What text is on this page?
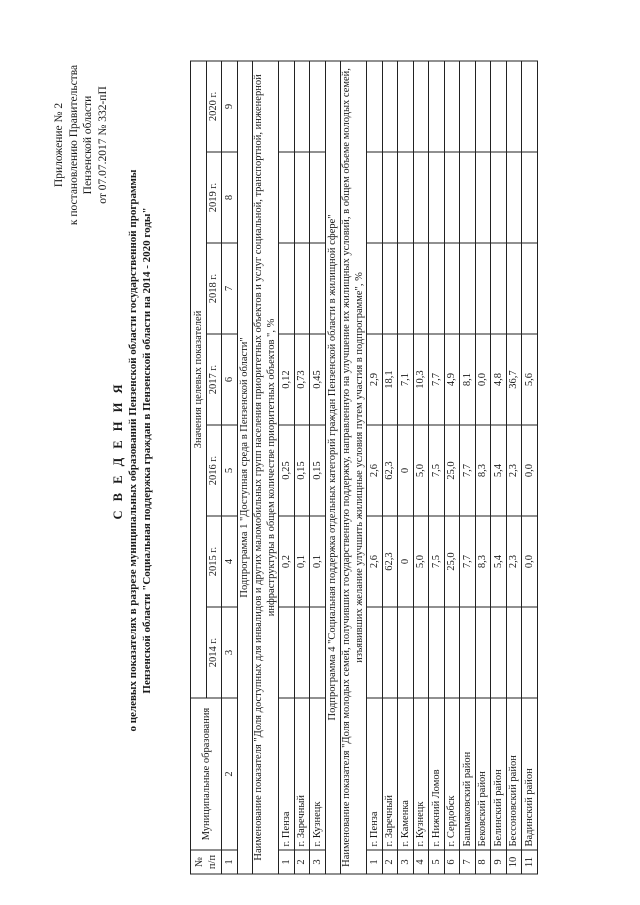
Приложение № 2 к постановлению Правительства Пензенской области от 07.07.2017 № 332-пП
С В Е Д Е Н И Я о целевых показателях в разрезе муниципальных образований Пензенской области государственной программы Пензенской области "Социальная поддержка граждан в Пензенской области на 2014 - 2020 годы"
№ п/п	Муниципальные образования	Значения целевых показателей						
		2014 г.	2015 г.	2016 г.	2017 г.	2018 г.	2019 г.	2020 г.
1	2	3	4	5	6	7	8	9
Подпрограмма 1 "Доступная среда в Пензенской области"								
Наименование показателя "Доля доступных для инвалидов и других маломобильных групп населения приоритетных объектов и услуг социальной, транспортной, инженерной инфраструктуры в общем количестве приоритетных объектов ", %								
1	г. Пенза		0,2	0,25	0,12			
2	г. Заречный		0,1	0,15	0,73			
3	г. Кузнецк		0,1	0,15	0,45			
Подпрограмма 4 "Социальная поддержка отдельных категорий граждан Пензенской области в жилищной сфере"								
Наименование показателя "Доля молодых семей, получивших государственную поддержку, направленную на улучшение их жилищных условий, в общем объеме молодых семей, изъявивших желание улучшить жилищные условия путем участия в подпрограмме", %								
1	г. Пенза		2,6	2,6	2,9			
2	г. Заречный		62,3	62,3	18,1			
3	г. Каменка		0	0	7,1			
4	г. Кузнецк		5,0	5,0	10,3			
5	г. Нижний Ломов		7,5	7,5	7,7			
6	г. Сердобск		25,0	25,0	4,9			
7	Башмаковский район		7,7	7,7	8,1			
8	Бековский район		8,3	8,3	0,0			
9	Белинский район		5,4	5,4	4,8			
10	Бессоновский район		2,3	2,3	36,7			
11	Вадинский район		0,0	0,0	5,6			
